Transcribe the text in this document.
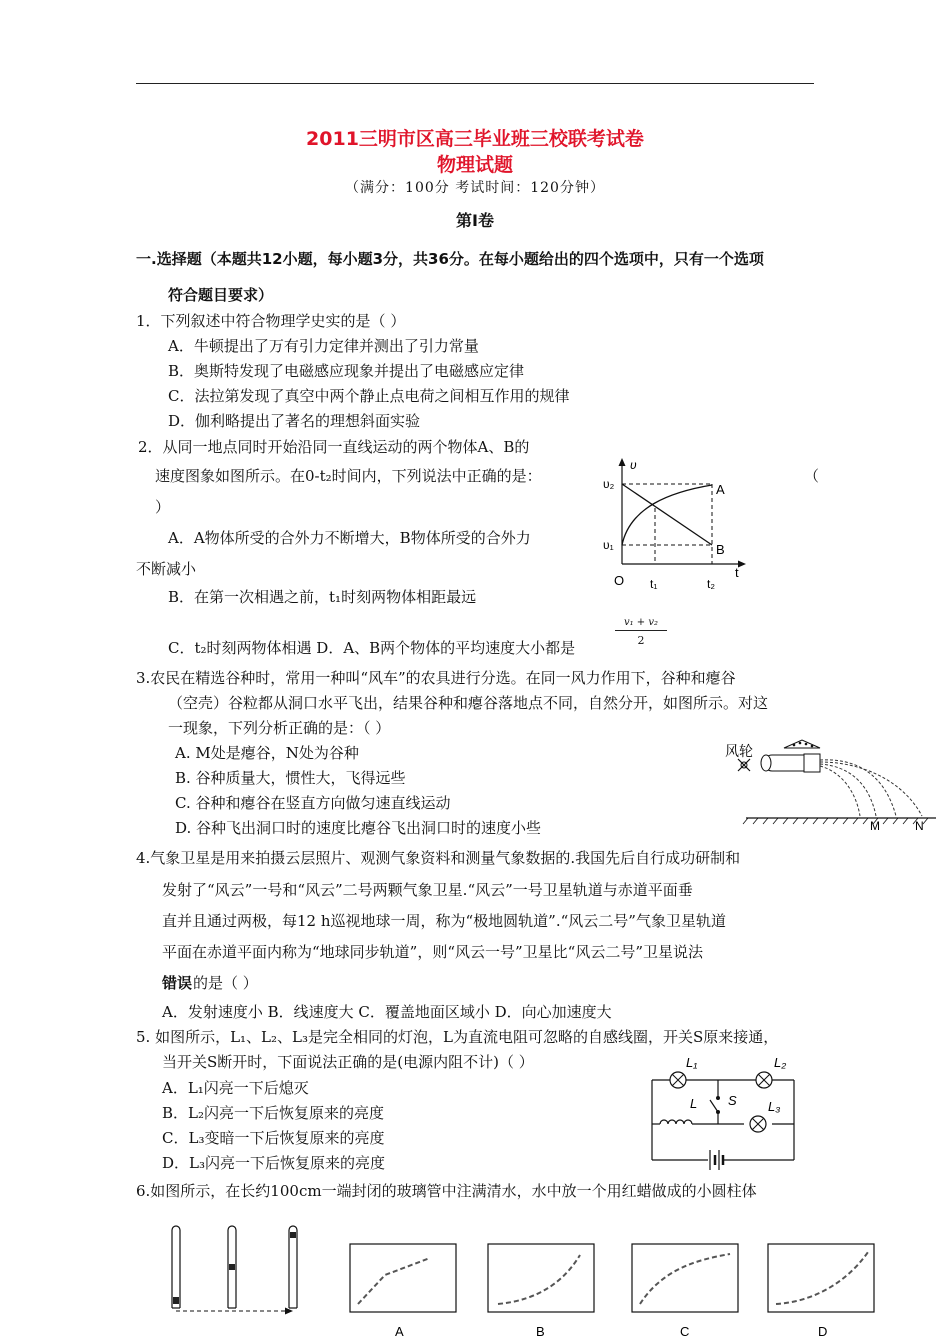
2011三明市区高三毕业班三校联考试卷
物理试题
（满分：100分 考试时间：120分钟）
第Ⅰ卷
一.选择题（本题共12小题，每小题3分，共36分。在每小题给出的四个选项中，只有一个选项
符合题目要求）
1．下列叙述中符合物理学史实的是（ ）
A．牛顿提出了万有引力定律并测出了引力常量
B．奥斯特发现了电磁感应现象并提出了电磁感应定律
C．法拉第发现了真空中两个静止点电荷之间相互作用的规律
D．伽利略提出了著名的理想斜面实验
2．从同一地点同时开始沿同一直线运动的两个物体A、B的
速度图象如图所示。在0-t₂时间内，下列说法中正确的是：	（
）
A．A物体所受的合外力不断增大，B物体所受的合外力
不断减小
B．在第一次相遇之前，t₁时刻两物体相距最远
C．t₂时刻两物体相遇 D．A、B两个物体的平均速度大小都是
v₁ + v₂
2
υ
t
O
υ₂
υ₁
t₁	t₂
A
B
3.农民在精选谷种时，常用一种叫“风车”的农具进行分选。在同一风力作用下，谷种和瘪谷
（空壳）谷粒都从洞口水平飞出，结果谷种和瘪谷落地点不同，自然分开，如图所示。对这
一现象，下列分析正确的是：（ ）
A. M处是瘪谷，N处为谷种
B. 谷种质量大，惯性大，飞得远些
C. 谷种和瘪谷在竖直方向做匀速直线运动
D. 谷种飞出洞口时的速度比瘪谷飞出洞口时的速度小些
风轮
M	N
4.气象卫星是用来拍摄云层照片、观测气象资料和测量气象数据的.我国先后自行成功研制和
发射了“风云”一号和“风云”二号两颗气象卫星.“风云”一号卫星轨道与赤道平面垂
直并且通过两极，每12 h巡视地球一周，称为“极地圆轨道”.“风云二号”气象卫星轨道
平面在赤道平面内称为“地球同步轨道”，则“风云一号”卫星比“风云二号”卫星说法
错误 的是（ ）
A．发射速度小 B．线速度大 C．覆盖地面区域小 D．向心加速度大
5. 如图所示，L₁、L₂、L₃是完全相同的灯泡，L为直流电阻可忽略的自感线圈，开关S原来接通，
当开关S断开时，下面说法正确的是(电源内阻不计)（ ）
A．L₁闪亮一下后熄灭
B．L₂闪亮一下后恢复原来的亮度
C．L₃变暗一下后恢复原来的亮度
D．L₃闪亮一下后恢复原来的亮度
L₁	L₂
L₃
L S
6.如图所示，在长约100cm一端封闭的玻璃管中注满清水，水中放一个用红蜡做成的小圆柱体
A	B	C	D
